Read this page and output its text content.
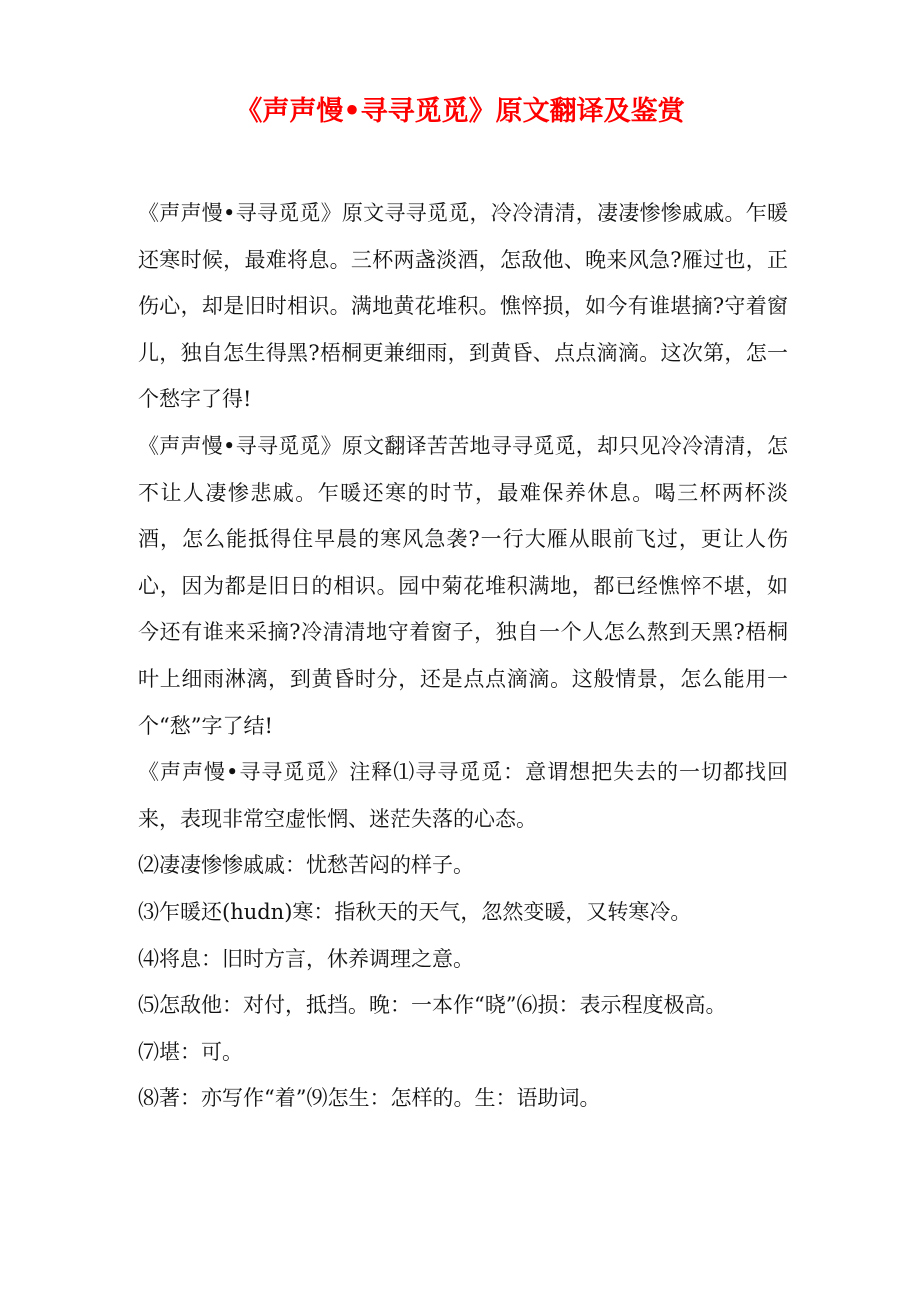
《声声慢•寻寻觅觅》原文翻译及鉴赏

《声声慢•寻寻觅觅》原文寻寻觅觅，冷冷清清，凄凄惨惨戚戚。乍暖还寒时候，最难将息。三杯两盏淡酒，怎敌他、晚来风急?雁过也，正伤心，却是旧时相识。满地黄花堆积。憔悴损，如今有谁堪摘?守着窗儿，独自怎生得黑?梧桐更兼细雨，到黄昏、点点滴滴。这次第，怎一个愁字了得!

《声声慢•寻寻觅觅》原文翻译苦苦地寻寻觅觅，却只见冷冷清清，怎不让人凄惨悲戚。乍暖还寒的时节，最难保养休息。喝三杯两杯淡酒，怎么能抵得住早晨的寒风急袭?一行大雁从眼前飞过，更让人伤心，因为都是旧日的相识。园中菊花堆积满地，都已经憔悴不堪，如今还有谁来采摘?冷清清地守着窗子，独自一个人怎么熬到天黑?梧桐叶上细雨淋漓，到黄昏时分，还是点点滴滴。这般情景，怎么能用一个“愁”字了结!

《声声慢•寻寻觅觅》注释⑴寻寻觅觅：意谓想把失去的一切都找回来，表现非常空虚怅惘、迷茫失落的心态。

⑵凄凄惨惨戚戚：忧愁苦闷的样子。

⑶乍暖还(hudn)寒：指秋天的天气，忽然变暖，又转寒冷。

⑷将息：旧时方言，休养调理之意。

⑸怎敌他：对付，抵挡。晚：一本作“晓”⑹损：表示程度极高。

⑺堪：可。

⑻著：亦写作“着”⑼怎生：怎样的。生：语助词。
